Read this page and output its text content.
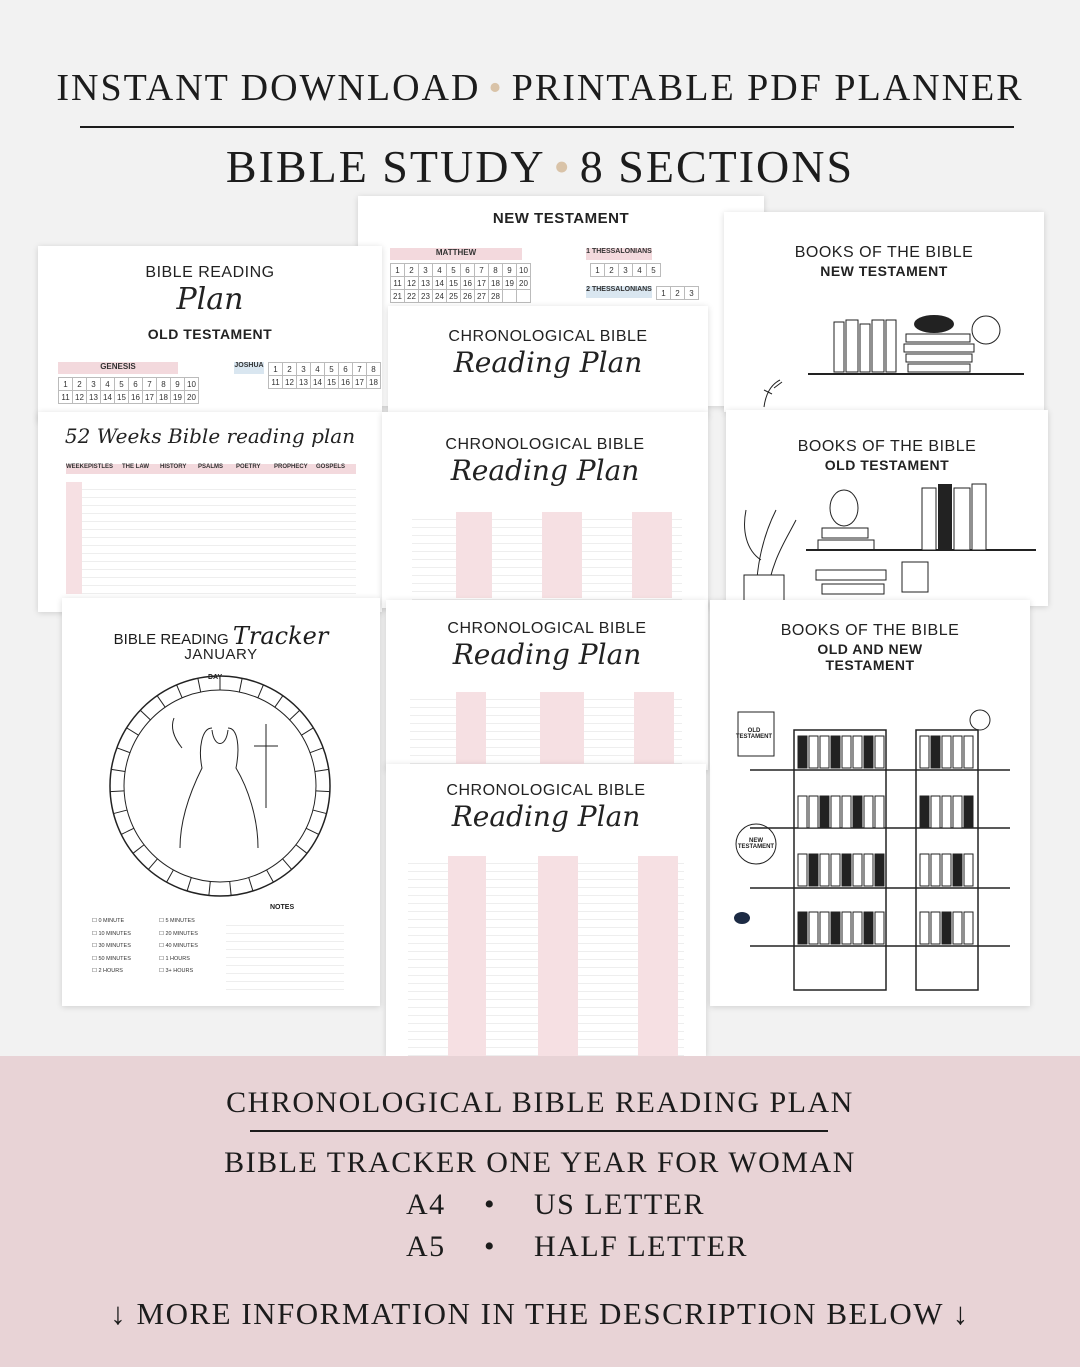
INSTANT DOWNLOAD • PRINTABLE PDF PLANNER
BIBLE STUDY • 8 SECTIONS
NEW TESTAMENT
MATTHEW
1	2	3	4	5	6	7	8	9	10
11	12	13	14	15	16	17	18	19	20
21	22	23	24	25	26	27	28		
1 THESSALONIANS
1	2	3	4	5
2 THESSALONIANS 1	2	3
BOOKS OF THE BIBLE
NEW TESTAMENT
BIBLE READING
Plan
OLD TESTAMENT
GENESIS
1	2	3	4	5	6	7	8	9	10
11	12	13	14	15	16	17	18	19	20
JOSHUA 1	2	3	4	5	6	7	8
11	12	13	14	15	16	17	18
CHRONOLOGICAL BIBLE
Reading Plan
52 Weeks Bible reading plan
WEEK EPISTLES	THE LAW	HISTORY	PSALMS	POETRY	PROPHECY	GOSPELS
CHRONOLOGICAL BIBLE
Reading Plan
BOOKS OF THE BIBLE
OLD TESTAMENT
BIBLE READING Tracker
JANUARY
DAY
☐ 0 MINUTE	☐ 5 MINUTES
☐ 10 MINUTES	☐ 20 MINUTES
☐ 30 MINUTES	☐ 40 MINUTES
☐ 50 MINUTES	☐ 1 HOURS
☐ 2 HOURS	☐ 3+ HOURS
NOTES
CHRONOLOGICAL BIBLE
Reading Plan
BOOKS OF THE BIBLE
OLD AND NEW
TESTAMENT
OLD TESTAMENT
NEW TESTAMENT
CHRONOLOGICAL BIBLE
Reading Plan
CHRONOLOGICAL BIBLE READING PLAN
BIBLE TRACKER ONE YEAR FOR WOMAN
A4 • US LETTER
A5 • HALF LETTER
↓ MORE INFORMATION IN THE DESCRIPTION BELOW ↓
